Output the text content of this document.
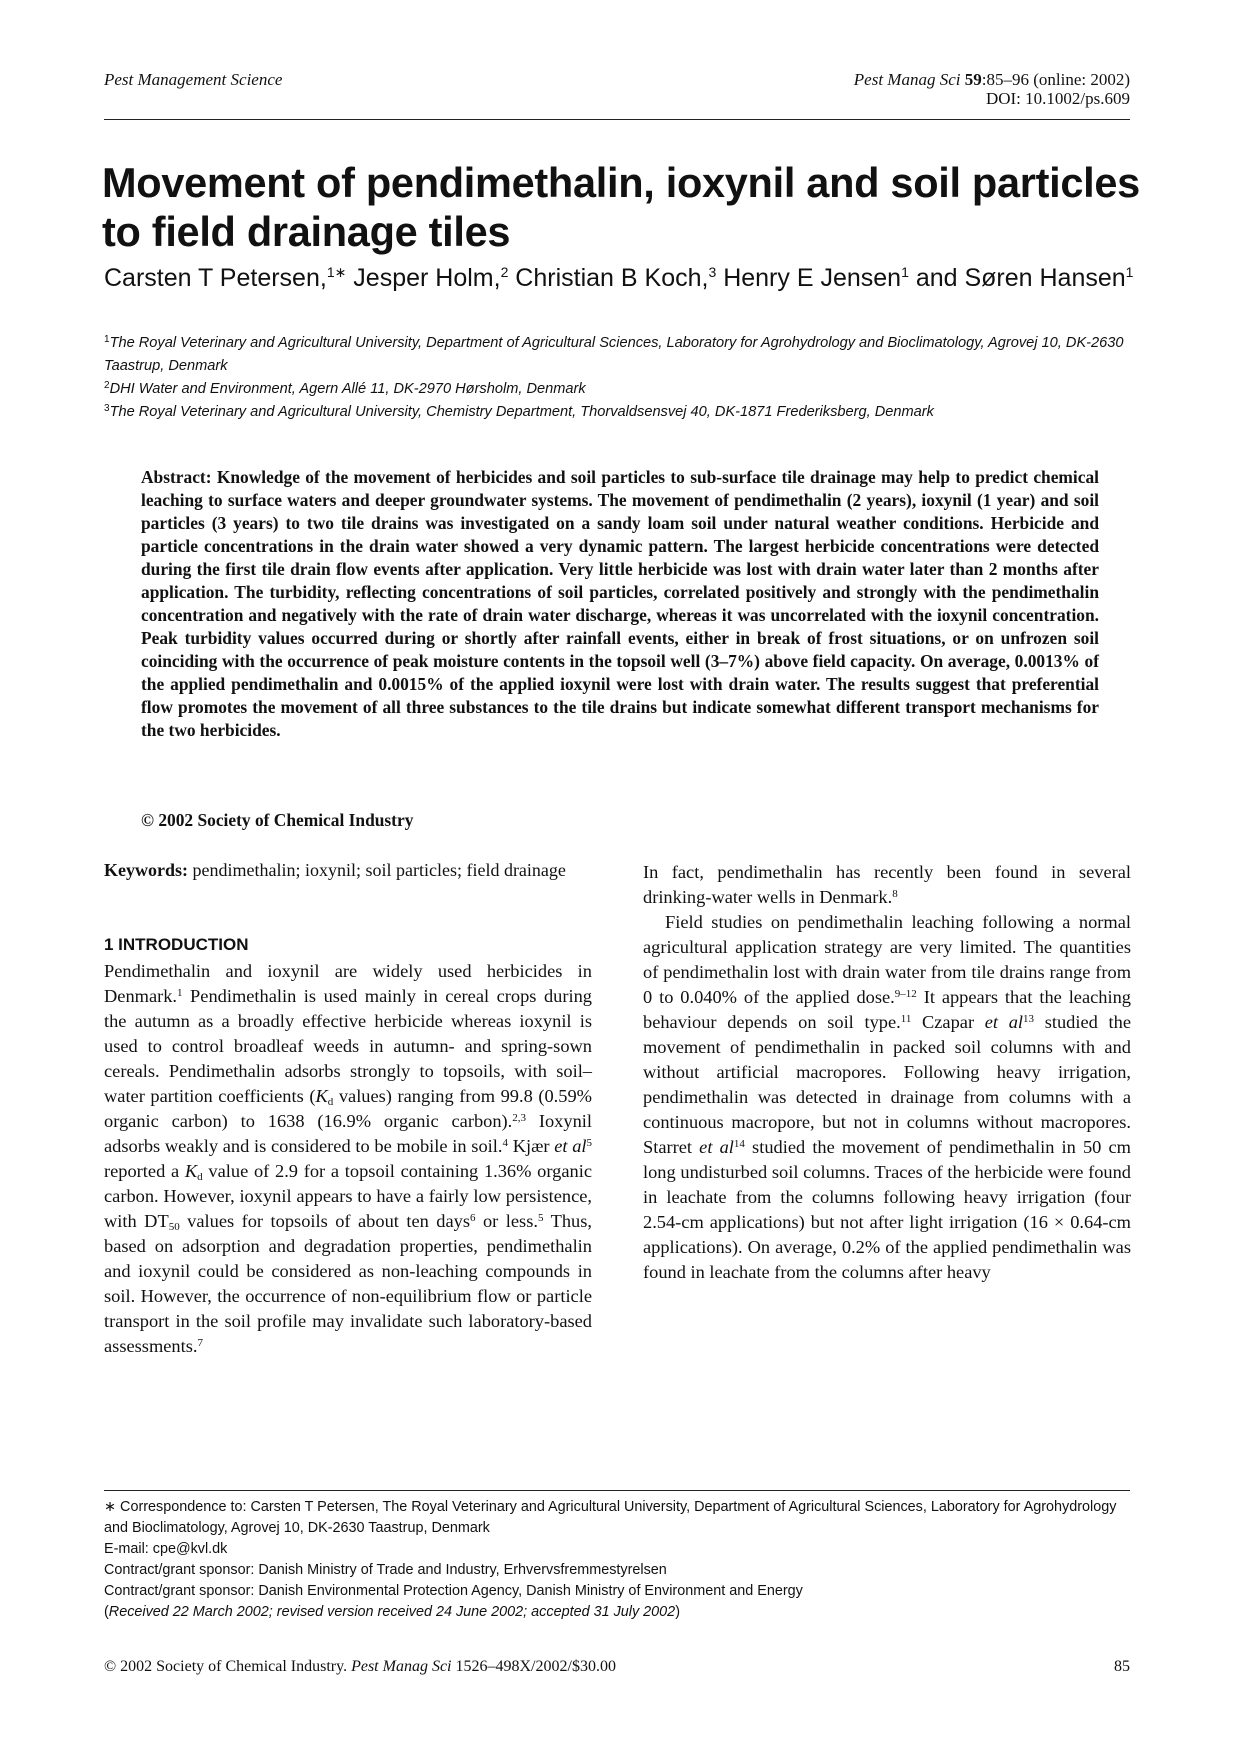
Pest Management Science	Pest Manag Sci 59:85–96 (online: 2002)
DOI: 10.1002/ps.609
Movement of pendimethalin, ioxynil and soil particles to field drainage tiles
Carsten T Petersen,$^{1∗}$ Jesper Holm,$^2$ Christian B Koch,$^3$ Henry E Jensen$^1$ and Søren Hansen$^1$
$^1$The Royal Veterinary and Agricultural University, Department of Agricultural Sciences, Laboratory for Agrohydrology and Bioclimatology, Agrovej 10, DK-2630 Taastrup, Denmark
$^2$DHI Water and Environment, Agern Allé 11, DK-2970 Hørsholm, Denmark
$^3$The Royal Veterinary and Agricultural University, Chemistry Department, Thorvaldsensvej 40, DK-1871 Frederiksberg, Denmark
Abstract: Knowledge of the movement of herbicides and soil particles to sub-surface tile drainage may help to predict chemical leaching to surface waters and deeper groundwater systems. The movement of pendimethalin (2 years), ioxynil (1 year) and soil particles (3 years) to two tile drains was investigated on a sandy loam soil under natural weather conditions. Herbicide and particle concentrations in the drain water showed a very dynamic pattern. The largest herbicide concentrations were detected during the first tile drain flow events after application. Very little herbicide was lost with drain water later than 2 months after application. The turbidity, reflecting concentrations of soil particles, correlated positively and strongly with the pendimethalin concentration and negatively with the rate of drain water discharge, whereas it was uncorrelated with the ioxynil concentration. Peak turbidity values occurred during or shortly after rainfall events, either in break of frost situations, or on unfrozen soil coinciding with the occurrence of peak moisture contents in the topsoil well (3–7%) above field capacity. On average, 0.0013% of the applied pendimethalin and 0.0015% of the applied ioxynil were lost with drain water. The results suggest that preferential flow promotes the movement of all three substances to the tile drains but indicate somewhat different transport mechanisms for the two herbicides.
© 2002 Society of Chemical Industry
Keywords: pendimethalin; ioxynil; soil particles; field drainage
1 INTRODUCTION

Pendimethalin and ioxynil are widely used herbicides in Denmark.$^1$ Pendimethalin is used mainly in cereal crops during the autumn as a broadly effective herbicide whereas ioxynil is used to control broadleaf weeds in autumn- and spring-sown cereals. Pendimethalin adsorbs strongly to topsoils, with soil–water partition coefficients ($K_d$ values) ranging from 99.8 (0.59% organic carbon) to 1638 (16.9% organic carbon).$^{2,3}$ Ioxynil adsorbs weakly and is considered to be mobile in soil.$^4$ Kjær et $al^5$ reported a $K_d$ value of 2.9 for a topsoil containing 1.36% organic carbon. However, ioxynil appears to have a fairly low persistence, with $DT_{50}$ values for topsoils of about ten days$^6$ or less.$^5$ Thus, based on adsorption and degradation properties, pendimethalin and ioxynil could be considered as non-leaching compounds in soil. However, the occurrence of non-equilibrium flow or particle transport in the soil profile may invalidate such laboratory-based assessments.$^7$

In fact, pendimethalin has recently been found in several drinking-water wells in Denmark.$^8$

Field studies on pendimethalin leaching following a normal agricultural application strategy are very limited. The quantities of pendimethalin lost with drain water from tile drains range from 0 to 0.040% of the applied dose.$^{9-12}$ It appears that the leaching behaviour depends on soil type.$^{11}$ Czapar et $al^{13}$ studied the movement of pendimethalin in packed soil columns with and without artificial macropores. Following heavy irrigation, pendimethalin was detected in drainage from columns with a continuous macropore, but not in columns without macropores. Starret et $al^{14}$ studied the movement of pendimethalin in 50 cm long undisturbed soil columns. Traces of the herbicide were found in leachate from the columns following heavy irrigation (four 2.54-cm applications) but not after light irrigation (16 × 0.64-cm applications). On average, 0.2% of the applied pendimethalin was found in leachate from the columns after heavy

∗ Correspondence to: Carsten T Petersen, The Royal Veterinary and Agricultural University, Department of Agricultural Sciences, Laboratory for Agrohydrology and Bioclimatology, Agrovej 10, DK-2630 Taastrup, Denmark

E-mail: cpe@kvl.dk

Contract/grant sponsor: Danish Ministry of Trade and Industry, Erhvervsfremmestyrelsen

Contract/grant sponsor: Danish Environmental Protection Agency, Danish Ministry of Environment and Energy

(Received 22 March 2002; revised version received 24 June 2002; accepted 31 July 2002)

© 2002 Society of Chemical Industry. Pest Manag Sci 1526–498X/2002/$30.00	85
